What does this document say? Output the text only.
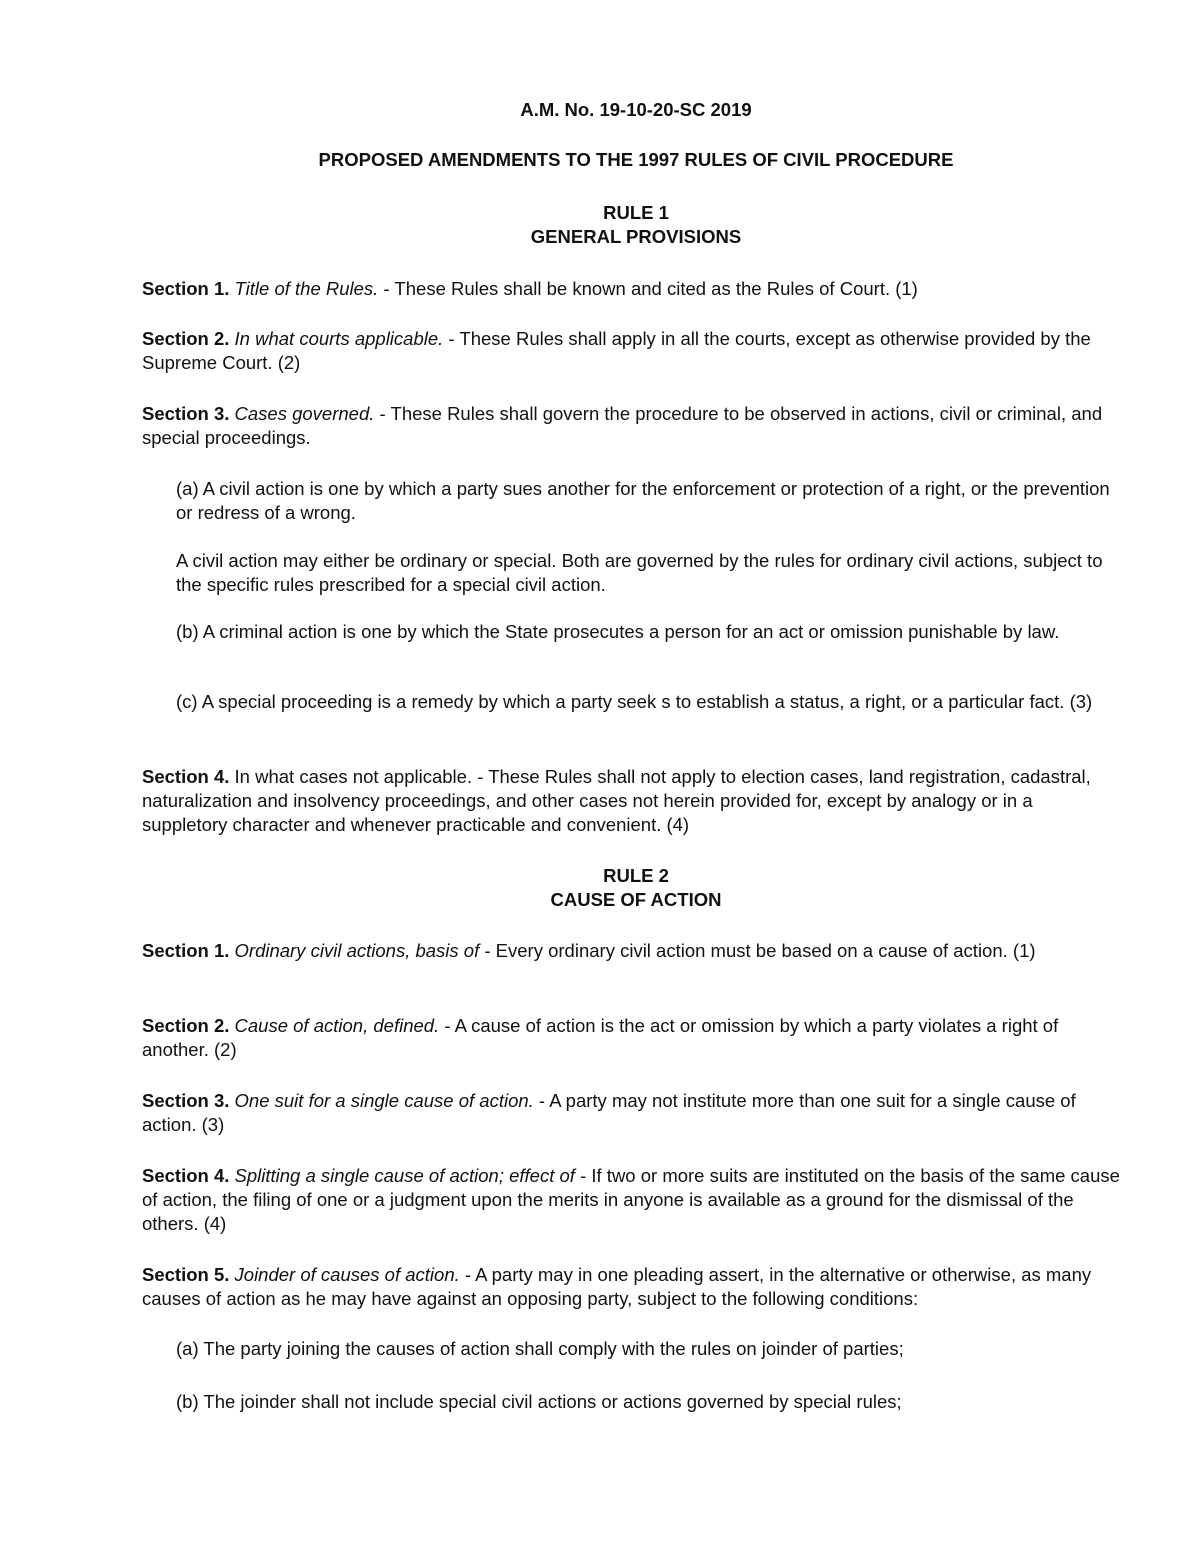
A.M. No. 19-10-20-SC 2019
PROPOSED AMENDMENTS TO THE 1997 RULES OF CIVIL PROCEDURE
RULE 1
GENERAL PROVISIONS
Section 1. Title of the Rules. - These Rules shall be known and cited as the Rules of Court. (1)
Section 2. In what courts applicable. - These Rules shall apply in all the courts, except as otherwise provided by the Supreme Court. (2)
Section 3. Cases governed. - These Rules shall govern the procedure to be observed in actions, civil or criminal, and special proceedings.
(a) A civil action is one by which a party sues another for the enforcement or protection of a right, or the prevention or redress of a wrong.
A civil action may either be ordinary or special. Both are governed by the rules for ordinary civil actions, subject to the specific rules prescribed for a special civil action.
(b) A criminal action is one by which the State prosecutes a person for an act or omission punishable by law.
(c) A special proceeding is a remedy by which a party seek s to establish a status, a right, or a particular fact. (3)
Section 4. In what cases not applicable. - These Rules shall not apply to election cases, land registration, cadastral, naturalization and insolvency proceedings, and other cases not herein provided for, except by analogy or in a suppletory character and whenever practicable and convenient. (4)
RULE 2
CAUSE OF ACTION
Section 1. Ordinary civil actions, basis of - Every ordinary civil action must be based on a cause of action. (1)
Section 2. Cause of action, defined. - A cause of action is the act or omission by which a party violates a right of another. (2)
Section 3. One suit for a single cause of action. - A party may not institute more than one suit for a single cause of action. (3)
Section 4. Splitting a single cause of action; effect of - If two or more suits are instituted on the basis of the same cause of action, the filing of one or a judgment upon the merits in anyone is available as a ground for the dismissal of the others. (4)
Section 5. Joinder of causes of action. - A party may in one pleading assert, in the alternative or otherwise, as many causes of action as he may have against an opposing party, subject to the following conditions:
(a) The party joining the causes of action shall comply with the rules on joinder of parties;
(b) The joinder shall not include special civil actions or actions governed by special rules;
